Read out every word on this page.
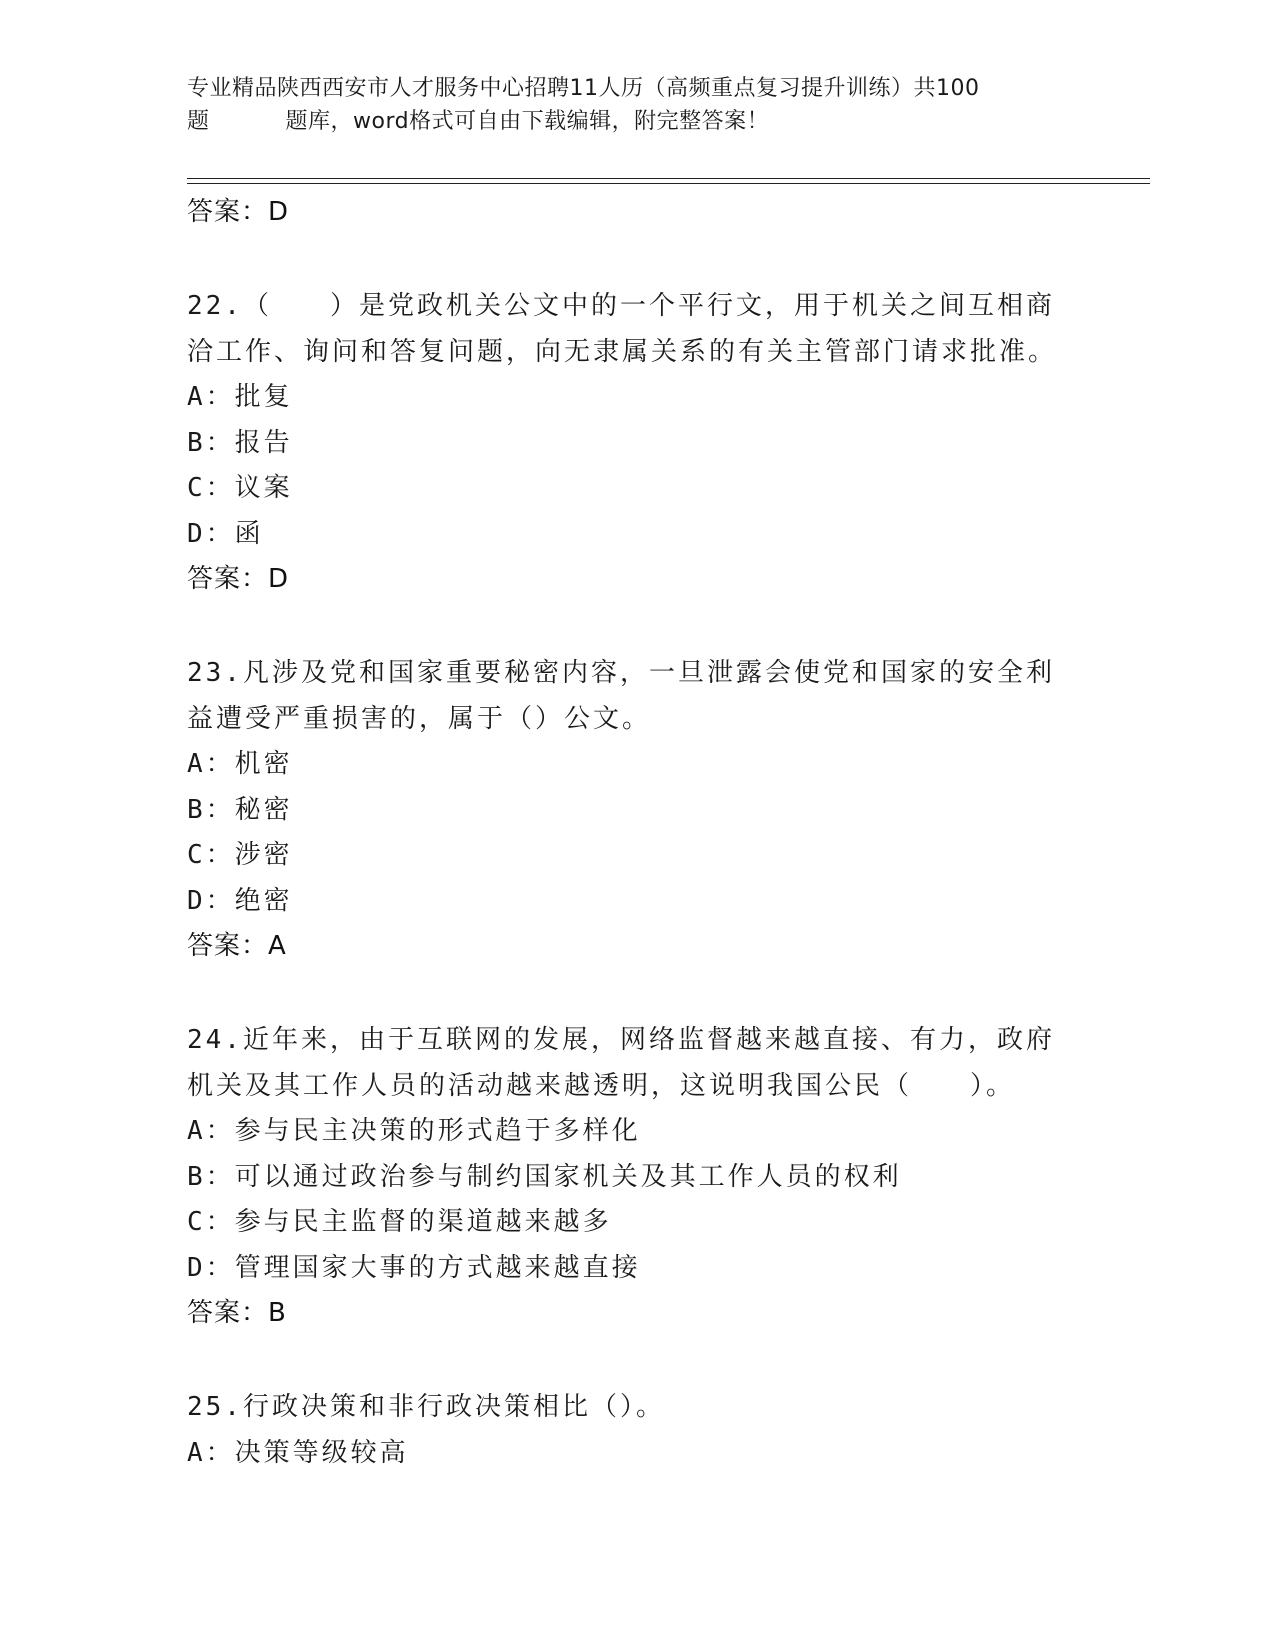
专业精品陕西西安市人才服务中心招聘11人历（高频重点复习提升训练）共100
题	题库，word格式可自由下载编辑，附完整答案！
答案：D
22.（　　）是党政机关公文中的一个平行文，用于机关之间互相商洽工作、询问和答复问题，向无隶属关系的有关主管部门请求批准。
A：批复
B：报告
C：议案
D：函
答案：D
23.凡涉及党和国家重要秘密内容，一旦泄露会使党和国家的安全利益遭受严重损害的，属于（）公文。
A：机密
B：秘密
C：涉密
D：绝密
答案：A
24.近年来，由于互联网的发展，网络监督越来越直接、有力，政府机关及其工作人员的活动越来越透明，这说明我国公民（　　）。
A：参与民主决策的形式趋于多样化
B：可以通过政治参与制约国家机关及其工作人员的权利
C：参与民主监督的渠道越来越多
D：管理国家大事的方式越来越直接
答案：B
25.行政决策和非行政决策相比（）。
A：决策等级较高
